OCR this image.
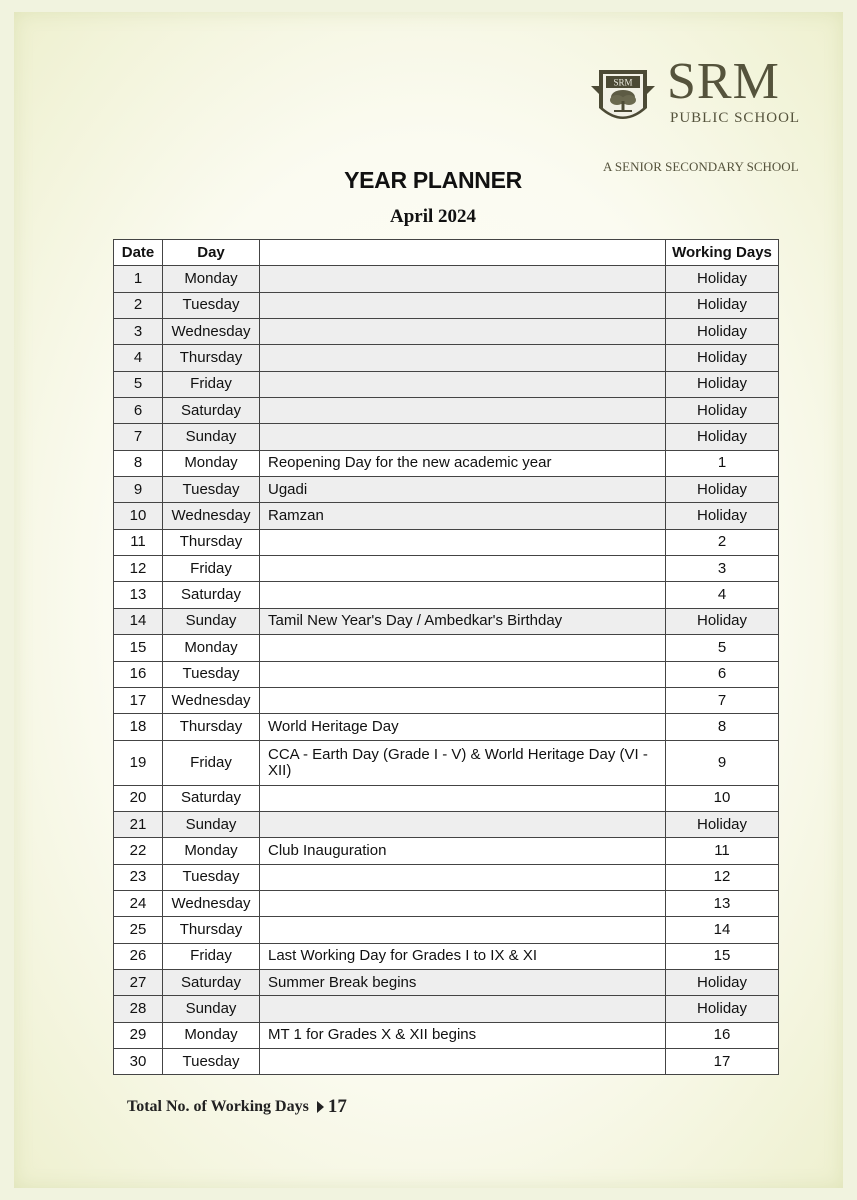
SRM SRM
PUBLIC SCHOOL
A SENIOR SECONDARY SCHOOL
YEAR PLANNER
April 2024
Date	Day		Working Days
1	Monday		Holiday
2	Tuesday		Holiday
3	Wednesday		Holiday
4	Thursday		Holiday
5	Friday		Holiday
6	Saturday		Holiday
7	Sunday		Holiday
8	Monday	Reopening Day for the new academic year	1
9	Tuesday	Ugadi	Holiday
10	Wednesday	Ramzan	Holiday
11	Thursday		2
12	Friday		3
13	Saturday		4
14	Sunday	Tamil New Year's Day / Ambedkar's Birthday	Holiday
15	Monday		5
16	Tuesday		6
17	Wednesday		7
18	Thursday	World Heritage Day	8
19	Friday	CCA - Earth Day (Grade I - V) & World Heritage Day (VI - XII)	9
20	Saturday		10
21	Sunday		Holiday
22	Monday	Club Inauguration	11
23	Tuesday		12
24	Wednesday		13
25	Thursday		14
26	Friday	Last Working Day for Grades I to IX & XI	15
27	Saturday	Summer Break begins	Holiday
28	Sunday		Holiday
29	Monday	MT 1 for Grades X & XII begins	16
30	Tuesday		17
Total No. of Working Days 17
